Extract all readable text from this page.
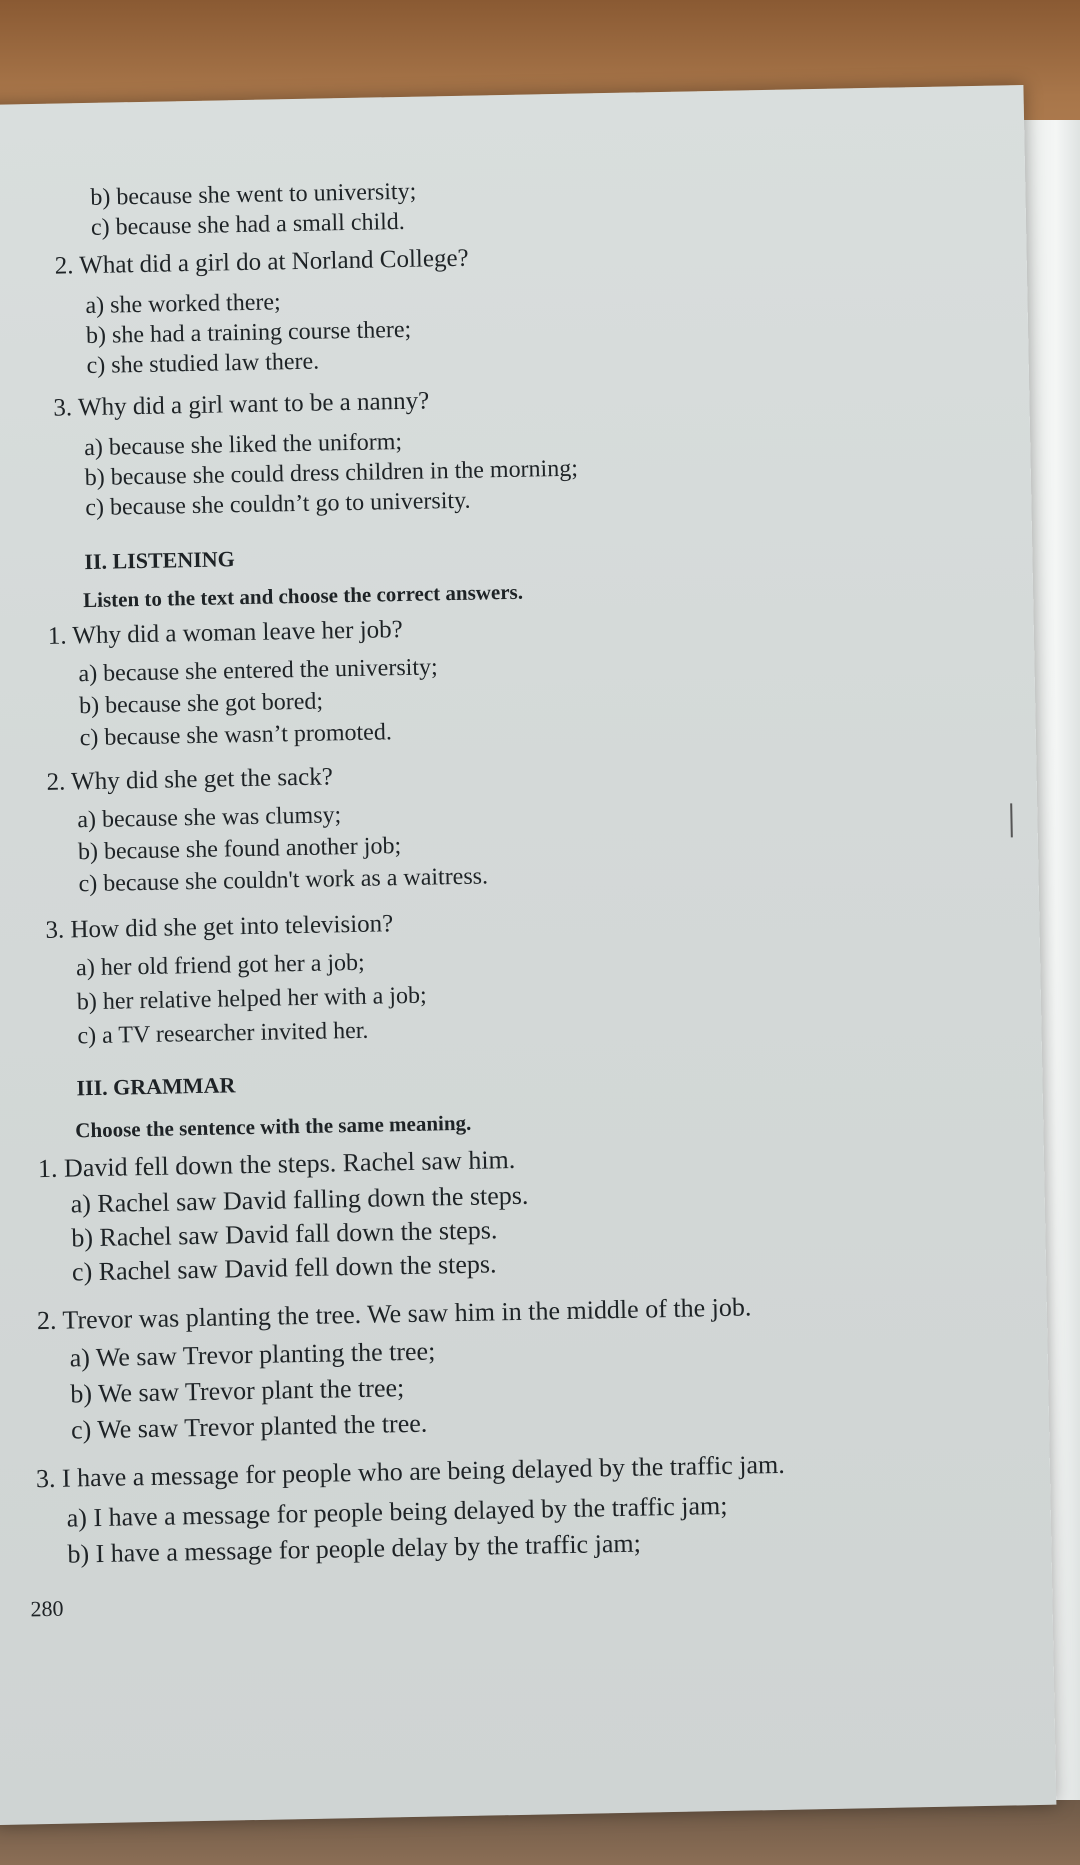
b) because she went to university;
c) because she had a small child.
2. What did a girl do at Norland College?
a) she worked there;
b) she had a training course there;
c) she studied law there.
3. Why did a girl want to be a nanny?
a) because she liked the uniform;
b) because she could dress children in the morning;
c) because she couldn’t go to university.
II. LISTENING
Listen to the text and choose the correct answers.
1. Why did a woman leave her job?
a) because she entered the university;
b) because she got bored;
c) because she wasn’t promoted.
2. Why did she get the sack?
a) because she was clumsy;
b) because she found another job;
c) because she couldn't work as a waitress.
3. How did she get into television?
a) her old friend got her a job;
b) her relative helped her with a job;
c) a TV researcher invited her.
III. GRAMMAR
Choose the sentence with the same meaning.
1. David fell down the steps. Rachel saw him.
a) Rachel saw David falling down the steps.
b) Rachel saw David fall down the steps.
c) Rachel saw David fell down the steps.
2. Trevor was planting the tree. We saw him in the middle of the job.
a) We saw Trevor planting the tree;
b) We saw Trevor plant the tree;
c) We saw Trevor planted the tree.
3. I have a message for people who are being delayed by the traffic jam.
a) I have a message for people being delayed by the traffic jam;
b) I have a message for people delay by the traffic jam;
280
